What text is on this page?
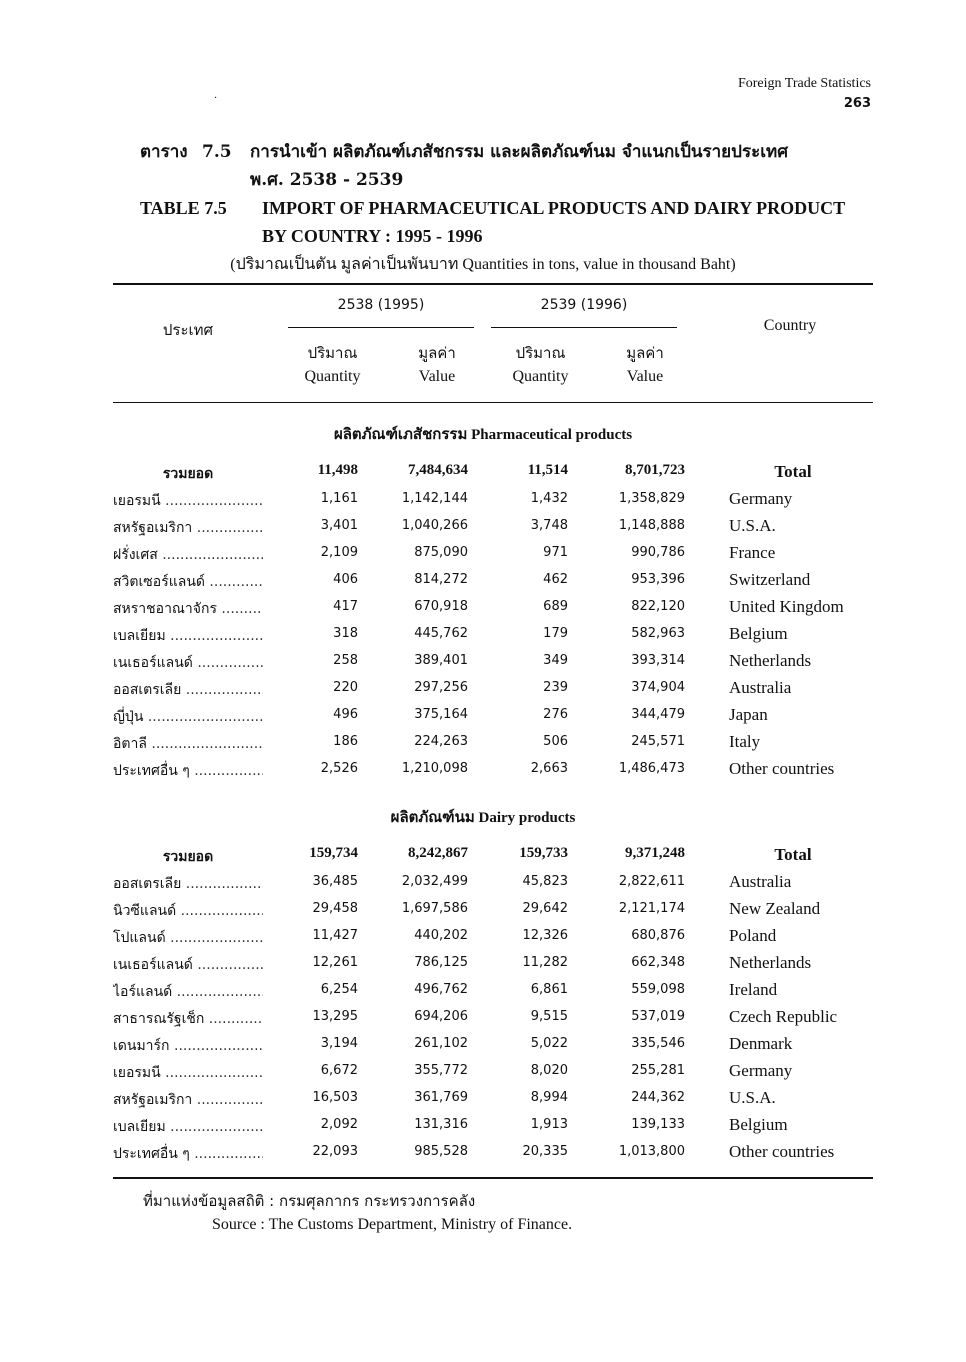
Foreign Trade Statistics
263
.
ตาราง 7.5	การนำเข้า ผลิตภัณฑ์เภสัชกรรม และผลิตภัณฑ์นม จำแนกเป็นรายประเทศ
พ.ศ. 2538 - 2539
TABLE 7.5	IMPORT OF PHARMACEUTICAL PRODUCTS AND DAIRY PRODUCT
BY COUNTRY : 1995 - 1996
(ปริมาณเป็นตัน มูลค่าเป็นพันบาท Quantities in tons, value in thousand Baht)
ประเทศ	Country
2538 (1995)	2539 (1996)
ปริมาณ	มูลค่า	ปริมาณ	มูลค่า
Quantity	Value	Quantity	Value
ผลิตภัณฑ์เภสัชกรรม Pharmaceutical products
รวมยอด	11,498	7,484,634	11,514	8,701,723	Total
เยอรมนี .....	1,161	1,142,144	1,432	1,358,829	Germany
สหรัฐอเมริกา .....	3,401	1,040,266	3,748	1,148,888	U.S.A.
ฝรั่งเศส .....	2,109	875,090	971	990,786	France
สวิตเซอร์แลนด์ .....	406	814,272	462	953,396	Switzerland
สหราชอาณาจักร .....	417	670,918	689	822,120	United Kingdom
เบลเยียม .....	318	445,762	179	582,963	Belgium
เนเธอร์แลนด์ .....	258	389,401	349	393,314	Netherlands
ออสเตรเลีย .....	220	297,256	239	374,904	Australia
ญี่ปุ่น .....	496	375,164	276	344,479	Japan
อิตาลี .....	186	224,263	506	245,571	Italy
ประเทศอื่น ๆ .....	2,526	1,210,098	2,663	1,486,473	Other countries
ผลิตภัณฑ์นม Dairy products
รวมยอด	159,734	8,242,867	159,733	9,371,248	Total
ออสเตรเลีย .....	36,485	2,032,499	45,823	2,822,611	Australia
นิวซีแลนด์ .....	29,458	1,697,586	29,642	2,121,174	New Zealand
โปแลนด์ .....	11,427	440,202	12,326	680,876	Poland
เนเธอร์แลนด์ .....	12,261	786,125	11,282	662,348	Netherlands
ไอร์แลนด์ .....	6,254	496,762	6,861	559,098	Ireland
สาธารณรัฐเช็ก .....	13,295	694,206	9,515	537,019	Czech Republic
เดนมาร์ก .....	3,194	261,102	5,022	335,546	Denmark
เยอรมนี .....	6,672	355,772	8,020	255,281	Germany
สหรัฐอเมริกา .....	16,503	361,769	8,994	244,362	U.S.A.
เบลเยียม .....	2,092	131,316	1,913	139,133	Belgium
ประเทศอื่น ๆ .....	22,093	985,528	20,335	1,013,800	Other countries
ที่มาแห่งข้อมูลสถิติ : กรมศุลกากร กระทรวงการคลัง
Source : The Customs Department, Ministry of Finance.
